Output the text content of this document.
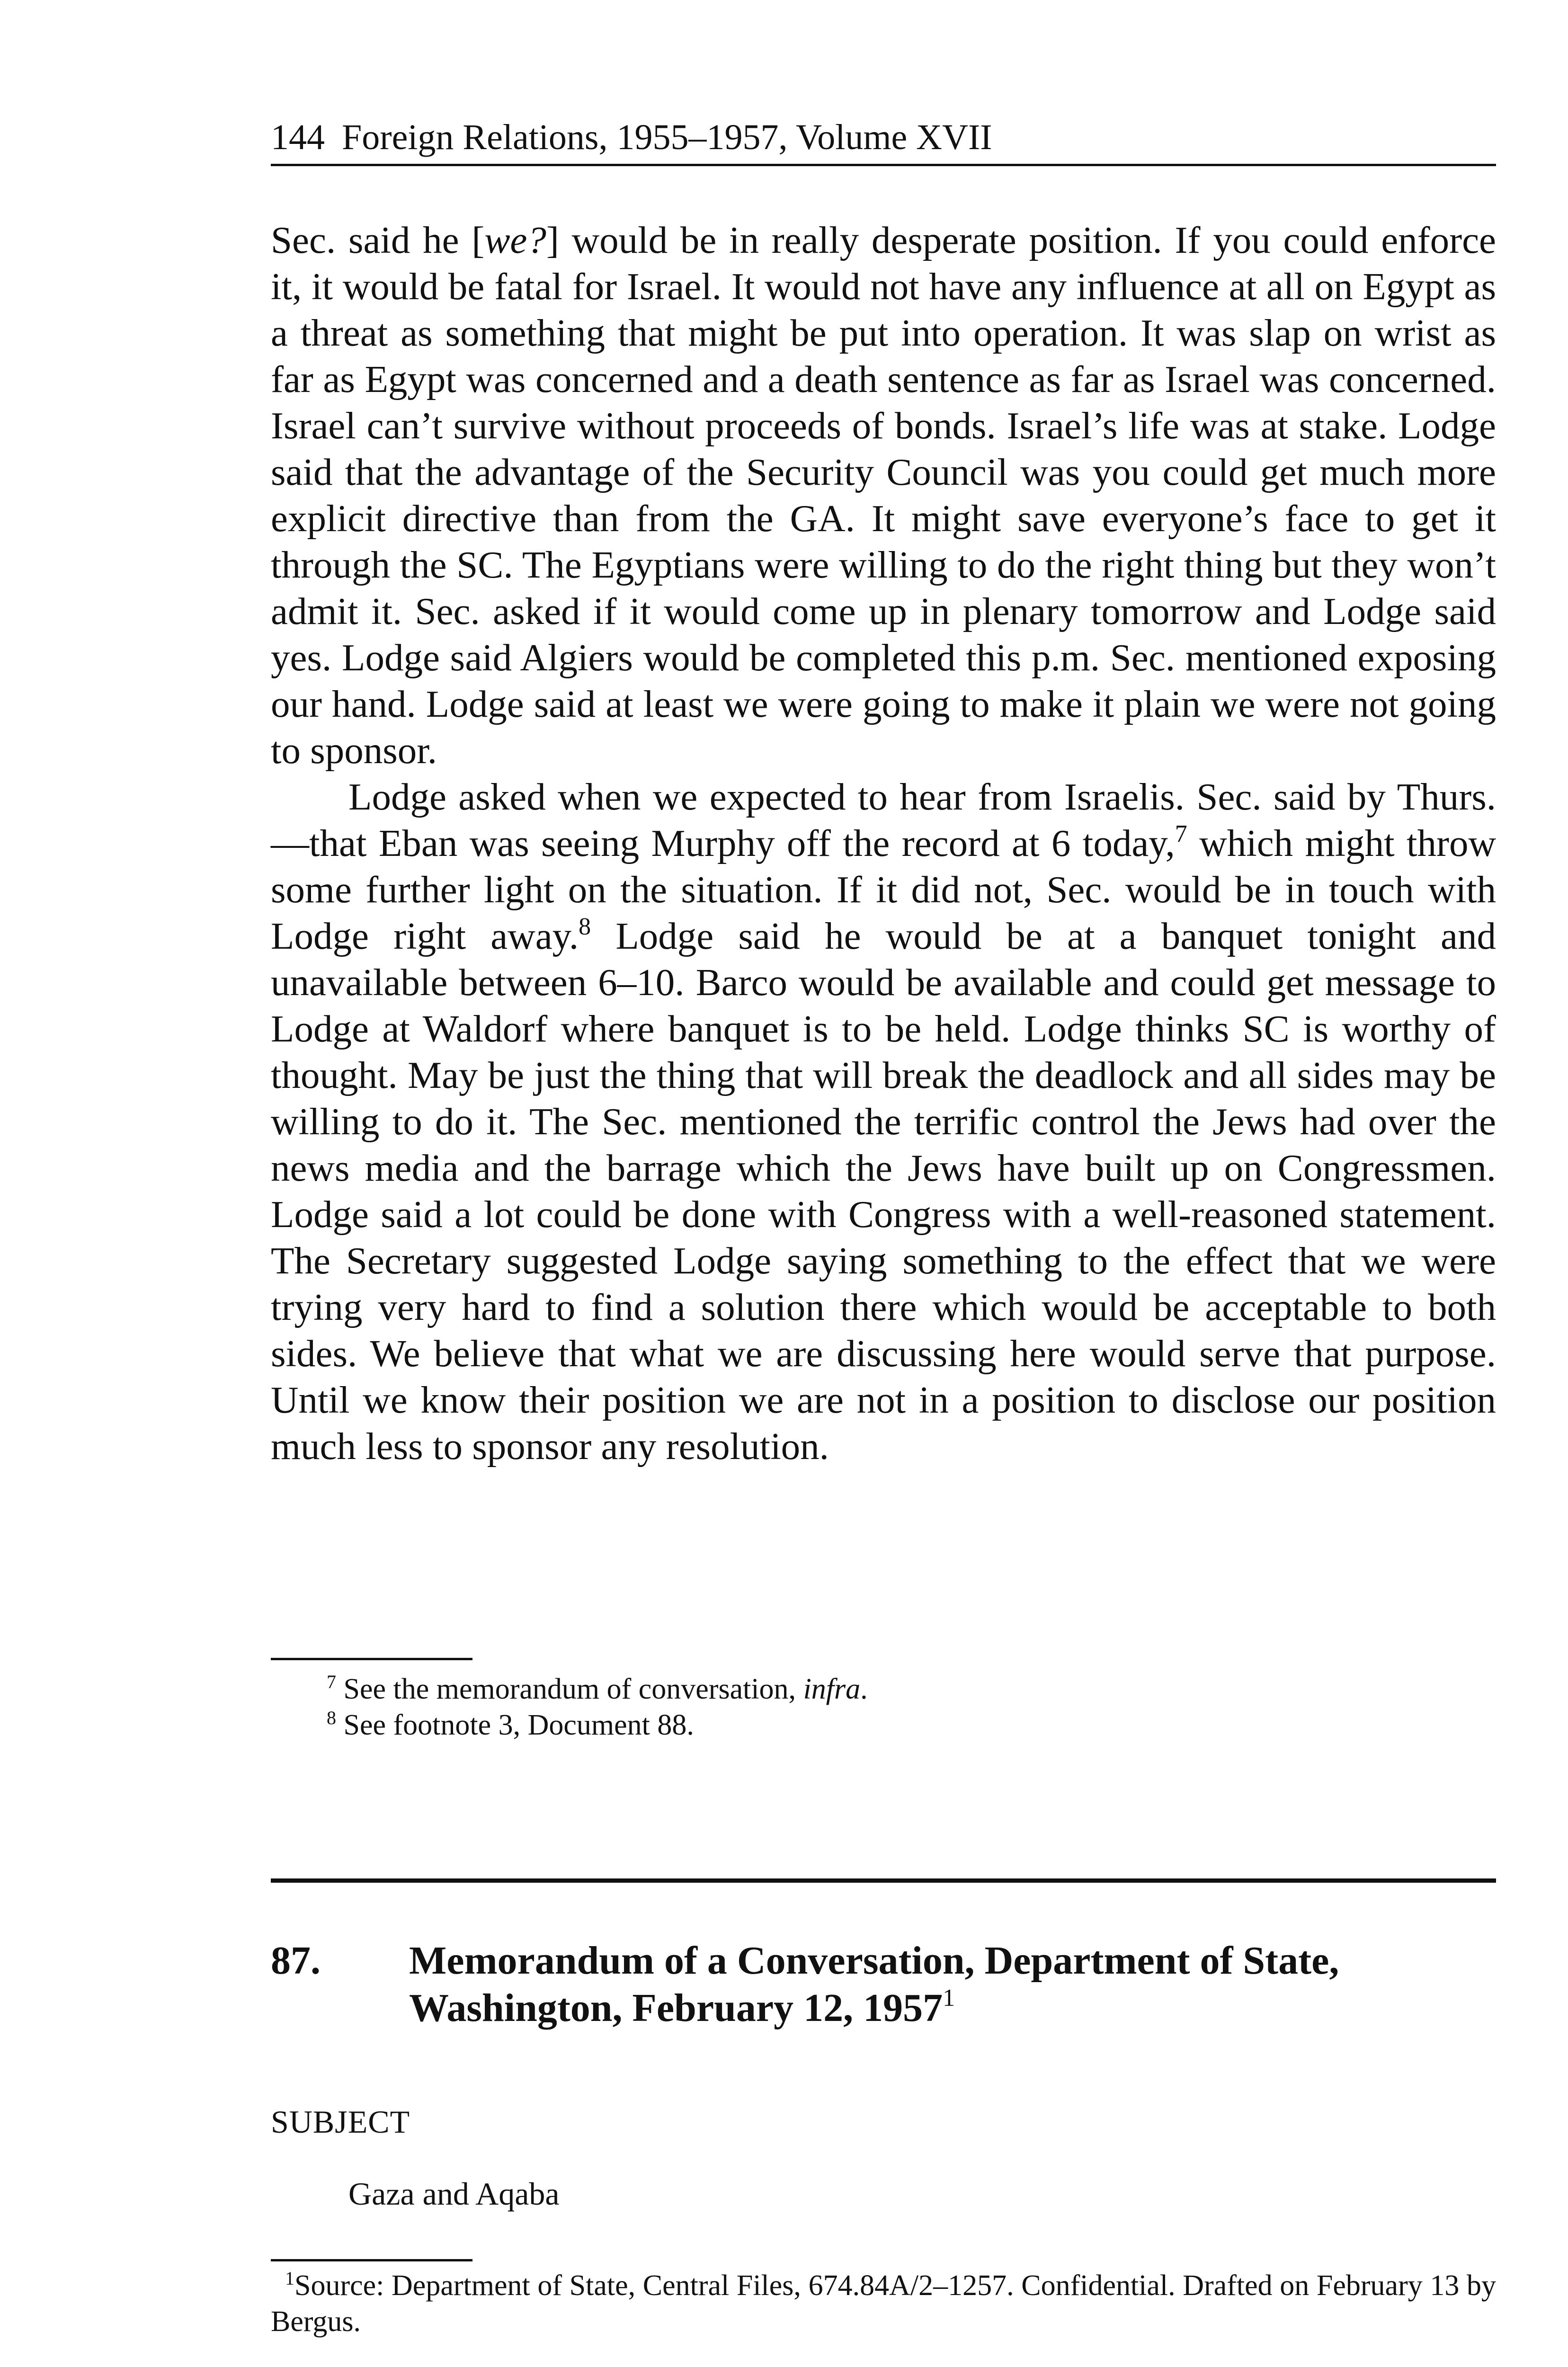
144 Foreign Relations, 1955–1957, Volume XVII

Sec. said he [we?] would be in really desperate position. If you could enforce it, it would be fatal for Israel. It would not have any influence at all on Egypt as a threat as something that might be put into operation. It was slap on wrist as far as Egypt was concerned and a death sentence as far as Israel was concerned. Israel can’t survive without proceeds of bonds. Israel’s life was at stake. Lodge said that the advantage of the Security Council was you could get much more explicit directive than from the GA. It might save everyone’s face to get it through the SC. The Egyptians were willing to do the right thing but they won’t admit it. Sec. asked if it would come up in plenary tomorrow and Lodge said yes. Lodge said Algiers would be completed this p.m. Sec. mentioned exposing our hand. Lodge said at least we were going to make it plain we were not going to sponsor.

Lodge asked when we expected to hear from Israelis. Sec. said by Thurs.—that Eban was seeing Murphy off the record at 6 today,$^7$ which might throw some further light on the situation. If it did not, Sec. would be in touch with Lodge right away.$^8$ Lodge said he would be at a banquet tonight and unavailable between 6–10. Barco would be available and could get message to Lodge at Waldorf where banquet is to be held. Lodge thinks SC is worthy of thought. May be just the thing that will break the deadlock and all sides may be willing to do it. The Sec. mentioned the terrific control the Jews had over the news media and the barrage which the Jews have built up on Congressmen. Lodge said a lot could be done with Congress with a well-reasoned statement. The Secretary suggested Lodge saying something to the effect that we were trying very hard to find a solution there which would be acceptable to both sides. We believe that what we are discussing here would serve that purpose. Until we know their position we are not in a position to disclose our position much less to sponsor any resolution.

$^7$ See the memorandum of conversation, infra.

$^8$ See footnote 3, Document 88.

87. Memorandum of a Conversation, Department of State, Washington, February 12, 1957$^1$
SUBJECT
Gaza and Aqaba
$^1$Source: Department of State, Central Files, 674.84A/2–1257. Confidential. Drafted on February 13 by Bergus.
